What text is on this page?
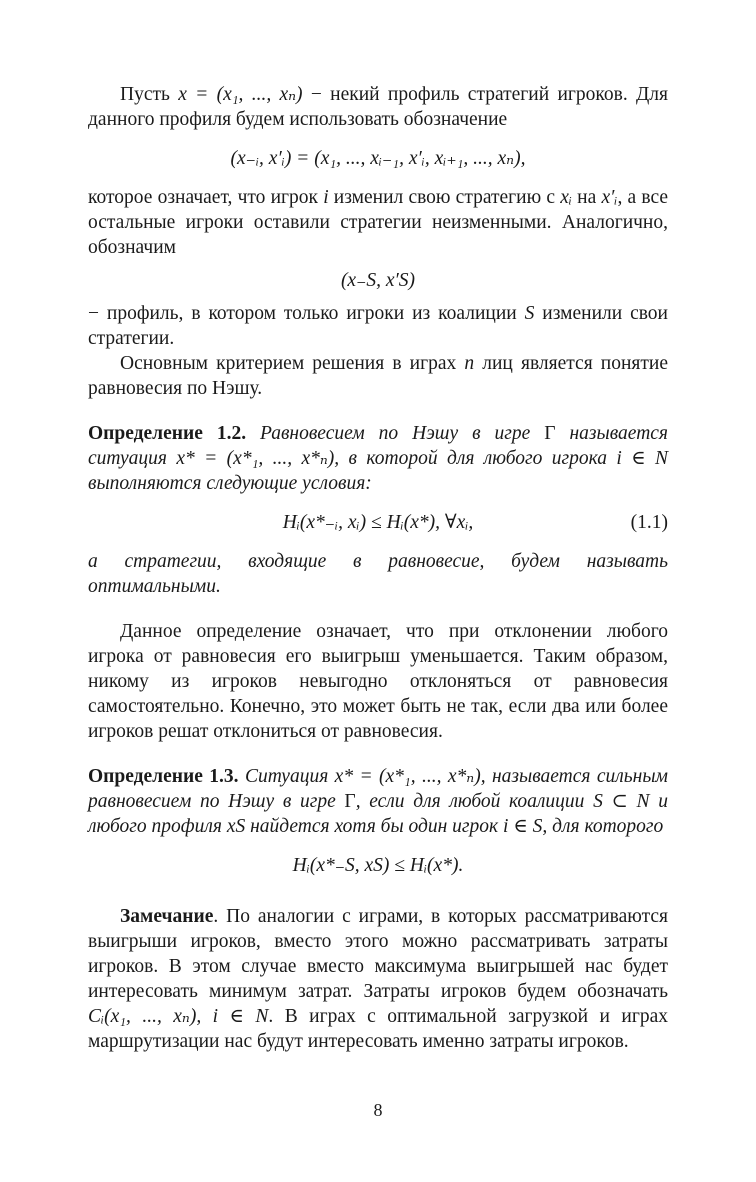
Пусть x = (x₁, ..., xₙ) − некий профиль стратегий игроков. Для данного профиля будем использовать обозначение

(x₋ᵢ, x′ᵢ) = (x₁, ..., xᵢ₋₁, x′ᵢ, xᵢ₊₁, ..., xₙ),

которое означает, что игрок i изменил свою стратегию с xᵢ на x′ᵢ, а все остальные игроки оставили стратегии неизменными. Аналогично, обозначим

(x₋S, x′S)

− профиль, в котором только игроки из коалиции S изменили свои стратегии.

Основным критерием решения в играх n лиц является понятие равновесия по Нэшу.

Определение 1.2. Равновесием по Нэшу в игре Γ называется ситуация x* = (x*₁, ..., x*ₙ), в которой для любого игрока i ∈ N выполняются следующие условия:

Hᵢ(x*₋ᵢ, xᵢ) ≤ Hᵢ(x*), ∀xᵢ,	(1.1)

а стратегии, входящие в равновесие, будем называть оптимальными.

Данное определение означает, что при отклонении любого игрока от равновесия его выигрыш уменьшается. Таким образом, никому из игроков невыгодно отклоняться от равновесия самостоятельно. Конечно, это может быть не так, если два или более игроков решат отклониться от равновесия.

Определение 1.3. Ситуация x* = (x*₁, ..., x*ₙ), называется сильным равновесием по Нэшу в игре Γ, если для любой коалиции S ⊂ N и любого профиля xS найдется хотя бы один игрок i ∈ S, для которого

Hᵢ(x*₋S, xS) ≤ Hᵢ(x*).

Замечание. По аналогии с играми, в которых рассматриваются выигрыши игроков, вместо этого можно рассматривать затраты игроков. В этом случае вместо максимума выигрышей нас будет интересовать минимум затрат. Затраты игроков будем обозначать Cᵢ(x₁, ..., xₙ), i ∈ N. В играх с оптимальной загрузкой и играх маршрутизации нас будут интересовать именно затраты игроков.

8
